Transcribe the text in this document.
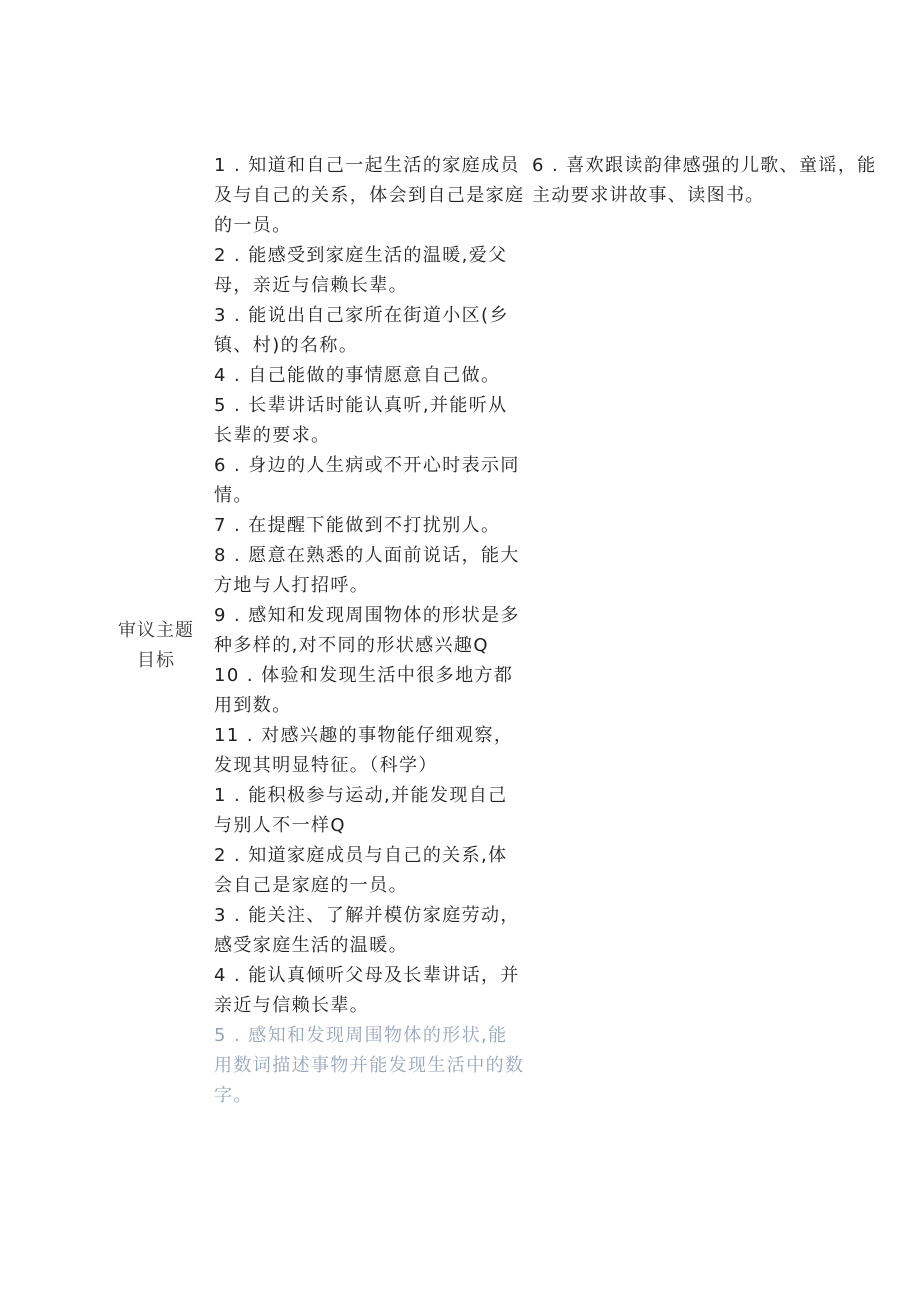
审议主题
目标

1 . 知道和自己一起生活的家庭成员及与自己的关系，体会到自己是家庭的一员。

2 . 能感受到家庭生活的温暖,爱父母，亲近与信赖长辈。

3 . 能说出自己家所在街道小区(乡镇、村)的名称。

4 . 自己能做的事情愿意自己做。

5 . 长辈讲话时能认真听,并能听从长辈的要求。

6 . 身边的人生病或不开心时表示同情。

7 . 在提醒下能做到不打扰别人。

8 . 愿意在熟悉的人面前说话，能大方地与人打招呼。

9 . 感知和发现周围物体的形状是多种多样的,对不同的形状感兴趣Q

10 . 体验和发现生活中很多地方都用到数。

11 . 对感兴趣的事物能仔细观察，发现其明显特征。（科学）

1 . 能积极参与运动,并能发现自己与别人不一样Q

2 . 知道家庭成员与自己的关系,体会自己是家庭的一员。

3 . 能关注、了解并模仿家庭劳动，感受家庭生活的温暖。

4 . 能认真倾听父母及长辈讲话，并亲近与信赖长辈。

5 . 感知和发现周围物体的形状,能用数词描述事物并能发现生活中的数字。

6 . 喜欢跟读韵律感强的儿歌、童谣，能主动要求讲故事、读图书。
